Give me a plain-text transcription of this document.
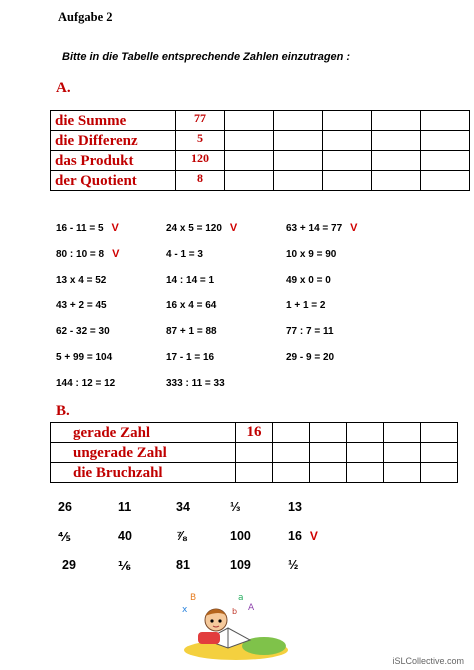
Aufgabe 2
Bitte in die Tabelle entsprechende Zahlen einzutragen :
A.
die Summe	77					
die Differenz	5					
das Produkt	120					
der Quotient	8					
16 - 11 = 5 V	24 x 5 = 120 V	63 + 14 = 77 V
80 : 10 = 8 V	4 - 1 = 3	10 x 9 = 90
13 x 4 = 52	14 : 14 = 1	49 x 0 = 0
43 + 2 = 45	16 x 4 = 64	1 + 1 = 2
62 - 32 = 30	87 + 1 = 88	77 : 7 = 11
5 + 99 = 104	17 - 1 = 16	29 - 9 = 20
144 : 12 = 12	333 : 11 = 33
B.
gerade Zahl	16					
ungerade Zahl						
die Bruchzahl						
26	11	34	⅓	13
⅘	40	⅞	100	16 V
29	⅙	81	109	½
x
B	a
A
b
iSLCollective.com
